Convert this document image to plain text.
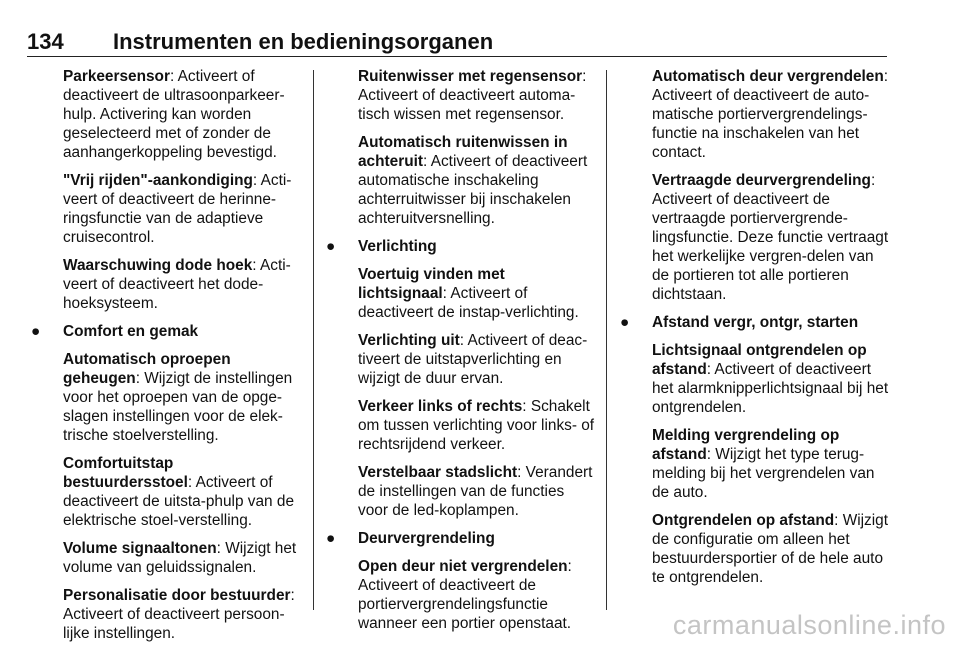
134 Instrumenten en bedieningsorganen

Parkeersensor: Activeert of deactiveert de ultrasoonparkeer-hulp. Activering kan worden geselecteerd met of zonder de aanhangerkoppeling bevestigd.

"Vrij rijden"-aankondiging: Acti-veert of deactiveert de herinne-ringsfunctie van de adaptieve cruisecontrol.

Waarschuwing dode hoek: Acti-veert of deactiveert het dode-hoeksysteem.

● Comfort en gemak

Automatisch oproepen geheugen: Wijzigt de instellingen voor het oproepen van de opge-slagen instellingen voor de elek-trische stoelverstelling.

Comfortuitstap bestuurdersstoel: Activeert of deactiveert de uitsta-phulp van de elektrische stoel-verstelling.

Volume signaaltonen: Wijzigt het volume van geluidssignalen.

Personalisatie door bestuurder: Activeert of deactiveert persoon-lijke instellingen.

Ruitenwisser met regensensor: Activeert of deactiveert automa-tisch wissen met regensensor.

Automatisch ruitenwissen in achteruit: Activeert of deactiveert automatische inschakeling achterruitwisser bij inschakelen achteruitversnelling.

● Verlichting

Voertuig vinden met lichtsignaal: Activeert of deactiveert de instap-verlichting.

Verlichting uit: Activeert of deac-tiveert de uitstapverlichting en wijzigt de duur ervan.

Verkeer links of rechts: Schakelt om tussen verlichting voor links- of rechtsrijdend verkeer.

Verstelbaar stadslicht: Verandert de instellingen van de functies voor de led-koplampen.

● Deurvergrendeling

Open deur niet vergrendelen: Activeert of deactiveert de portiervergrendelingsfunctie wanneer een portier openstaat.

Automatisch deur vergrendelen: Activeert of deactiveert de auto-matische portiervergrendelings-functie na inschakelen van het contact.

Vertraagde deurvergrendeling: Activeert of deactiveert de vertraagde portiervergrende-lingsfunctie. Deze functie vertraagt het werkelijke vergren-delen van de portieren tot alle portieren dichtstaan.

● Afstand vergr, ontgr, starten

Lichtsignaal ontgrendelen op afstand: Activeert of deactiveert het alarmknipperlichtsignaal bij het ontgrendelen.

Melding vergrendeling op afstand: Wijzigt het type terug-melding bij het vergrendelen van de auto.

Ontgrendelen op afstand: Wijzigt de configuratie om alleen het bestuurdersportier of de hele auto te ontgrendelen.

carmanualsonline.info
